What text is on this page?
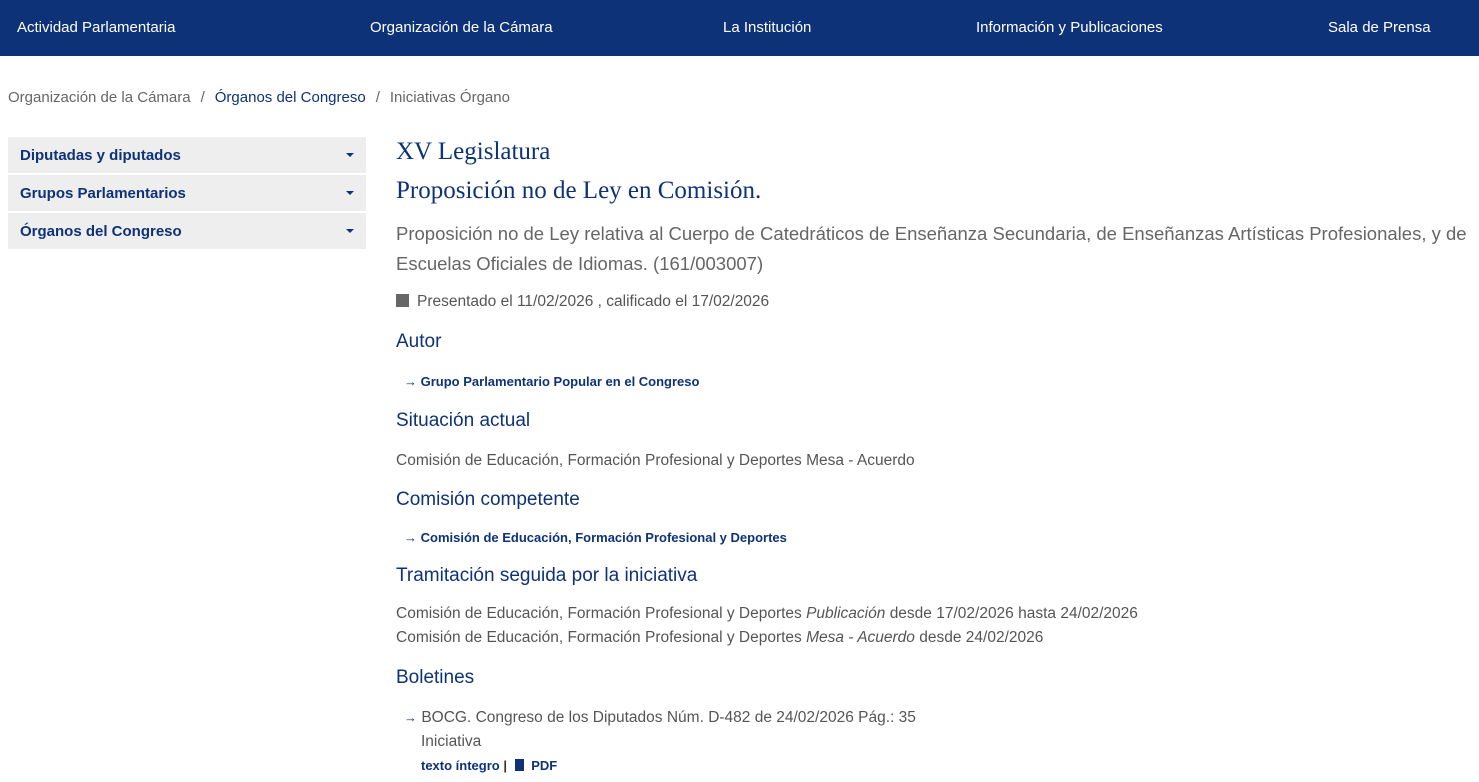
Actividad Parlamentaria	Organización de la Cámara	La Institución	Información y Publicaciones	Sala de Prensa
Organización de la Cámara / Órganos del Congreso / Iniciativas Órgano
Diputadas y diputados
Grupos Parlamentarios
Órganos del Congreso
XV Legislatura
Proposición no de Ley en Comisión.
Proposición no de Ley relativa al Cuerpo de Catedráticos de Enseñanza Secundaria, de Enseñanzas Artísticas Profesionales, y de Escuelas Oficiales de Idiomas. (161/003007)
Presentado el 11/02/2026 , calificado el 17/02/2026
Autor
→ Grupo Parlamentario Popular en el Congreso
Situación actual
Comisión de Educación, Formación Profesional y Deportes Mesa - Acuerdo
Comisión competente
→ Comisión de Educación, Formación Profesional y Deportes
Tramitación seguida por la iniciativa
Comisión de Educación, Formación Profesional y Deportes Publicación desde 17/02/2026 hasta 24/02/2026
Comisión de Educación, Formación Profesional y Deportes Mesa - Acuerdo desde 24/02/2026
Boletines
→ BOCG. Congreso de los Diputados Núm. D-482 de 24/02/2026 Pág.: 35
Iniciativa
texto íntegro | PDF
